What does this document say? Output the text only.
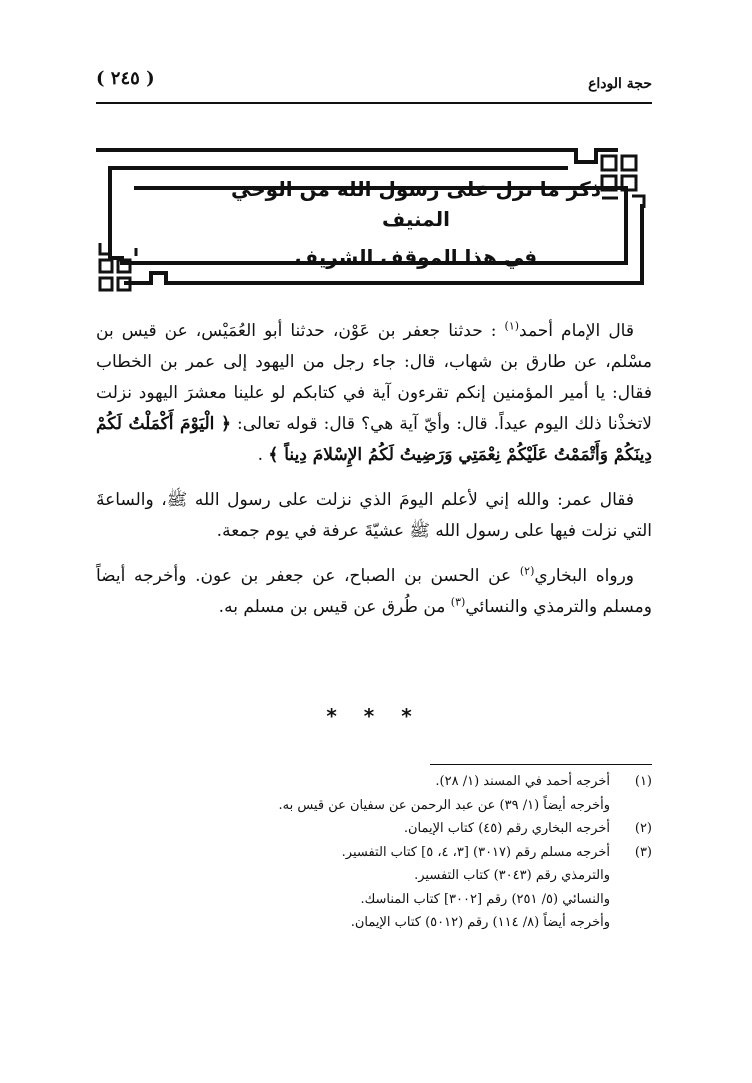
حجة الوداع
( ٢٤٥ )
ذكر ما نزل على رسول الله من الوحي المنيف
في هذا الموقف الشريف

قال الإمام أحمد$^{(١)}$ : حدثنا جعفر بن عَوْن، حدثنا أبو العُمَيْس، عن قيس بن مسْلم، عن طارق بن شهاب، قال: جاء رجل من اليهود إلى عمر بن الخطاب فقال: يا أمير المؤمنين إنكم تقرءون آية في كتابكم لو علينا معشرَ اليهود نزلت لاتخذْنا ذلك اليوم عيداً. قال: وأيّ آية هي؟ قال: قوله تعالى: ﴿ الْيَوْمَ أَكْمَلْتُ لَكُمْ دِينَكُمْ وَأَتْمَمْتُ عَلَيْكُمْ نِعْمَتِي وَرَضِيتُ لَكُمُ الإِسْلامَ دِيناً ﴾ .

فقال عمر: والله إني لأعلم اليومَ الذي نزلت على رسول الله ﷺ، والساعةَ التي نزلت فيها على رسول الله ﷺ عشيّةَ عرفة في يوم جمعة.

ورواه البخاري$^{(٢)}$ عن الحسن بن الصباح، عن جعفر بن عون. وأخرجه أيضاً ومسلم والترمذي والنسائي$^{(٣)}$ من طُرق عن قيس بن مسلم به.

* * *
(١)
أخرجه أحمد في المسند (١/ ٢٨).
وأخرجه أيضاً (١/ ٣٩) عن عبد الرحمن عن سفيان عن قيس به.
(٢)
أخرجه البخاري رقم (٤٥) كتاب الإيمان.
(٣)
أخرجه مسلم رقم (٣٠١٧) [٣، ٤، ٥] كتاب التفسير.
والترمذي رقم (٣٠٤٣) كتاب التفسير.
والنسائي (٥/ ٢٥١) رقم [٣٠٠٢] كتاب المناسك.
وأخرجه أيضاً (٨/ ١١٤) رقم (٥٠١٢) كتاب الإيمان.
